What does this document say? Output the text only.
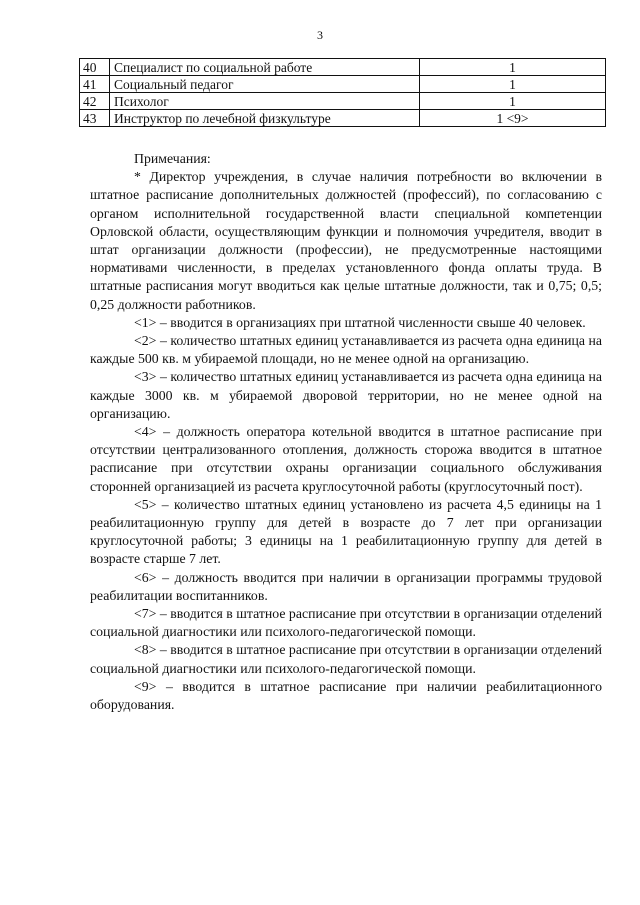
3
40	Специалист по социальной работе	1
41	Социальный педагог	1
42	Психолог	1
43	Инструктор по лечебной физкультуре	1 <9>

Примечания:

* Директор учреждения, в случае наличия потребности во включении в штатное расписание дополнительных должностей (профессий), по согласованию с органом исполнительной государственной власти специальной компетенции Орловской области, осуществляющим функции и полномочия учредителя, вводит в штат организации должности (профессии), не предусмотренные настоящими нормативами численности, в пределах установленного фонда оплаты труда. В штатные расписания могут вводиться как целые штатные должности, так и 0,75; 0,5; 0,25 должности работников.

<1> – вводится в организациях при штатной численности свыше 40 человек.

<2> – количество штатных единиц устанавливается из расчета одна единица на каждые 500 кв. м убираемой площади, но не менее одной на организацию.

<3> – количество штатных единиц устанавливается из расчета одна единица на каждые 3000 кв. м убираемой дворовой территории, но не менее одной на организацию.

<4> – должность оператора котельной вводится в штатное расписание при отсутствии централизованного отопления, должность сторожа вводится в штатное расписание при отсутствии охраны организации социального обслуживания сторонней организацией из расчета круглосуточной работы (круглосуточный пост).

<5> – количество штатных единиц установлено из расчета 4,5 единицы на 1 реабилитационную группу для детей в возрасте до 7 лет при организации круглосуточной работы; 3 единицы на 1 реабилитационную группу для детей в возрасте старше 7 лет.

<6> – должность вводится при наличии в организации программы трудовой реабилитации воспитанников.

<7> – вводится в штатное расписание при отсутствии в организации отделений социальной диагностики или психолого-педагогической помощи.

<8> – вводится в штатное расписание при отсутствии в организации отделений социальной диагностики или психолого-педагогической помощи.

<9> – вводится в штатное расписание при наличии реабилитационного оборудования.
